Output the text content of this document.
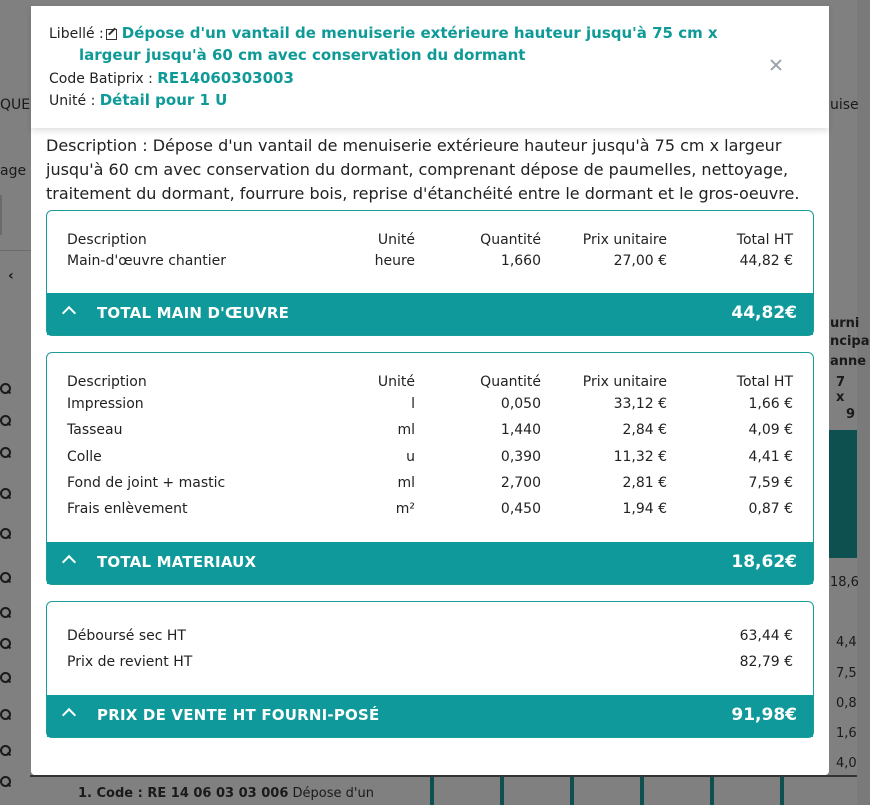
QUE
age
uise
‹
urni
ncipa
anne
7 x
9
18,6
4,4
7,5
0,8
1,6
4,0
1. Code : RE 14 06 03 03 006 Dépose d'un
Libellé : Dépose d'un vantail de menuiserie extérieure hauteur jusqu'à 75 cm x
largeur jusqu'à 60 cm avec conservation du dormant
Code Batiprix : RE14060303003
Unité : Détail pour 1 U
Description : Dépose d'un vantail de menuiserie extérieure hauteur jusqu'à 75 cm x largeur
jusqu'à 60 cm avec conservation du dormant, comprenant dépose de paumelles, nettoyage,
traitement du dormant, fourrure bois, reprise d'étanchéité entre le dormant et le gros-oeuvre.
Description	Unité	Quantité	Prix unitaire	Total HT
Main-d'œuvre chantier	heure	1,660	27,00 €	44,82 €
TOTAL MAIN D'ŒUVRE	44,82€
Description	Unité	Quantité	Prix unitaire	Total HT
Impression	l	0,050	33,12 €	1,66 €
Tasseau	ml	1,440	2,84 €	4,09 €
Colle	u	0,390	11,32 €	4,41 €
Fond de joint + mastic	ml	2,700	2,81 €	7,59 €
Frais enlèvement	m²	0,450	1,94 €	0,87 €
TOTAL MATERIAUX	18,62€
Déboursé sec HT	63,44 €
Prix de revient HT	82,79 €
PRIX DE VENTE HT FOURNI-POSÉ	91,98€
